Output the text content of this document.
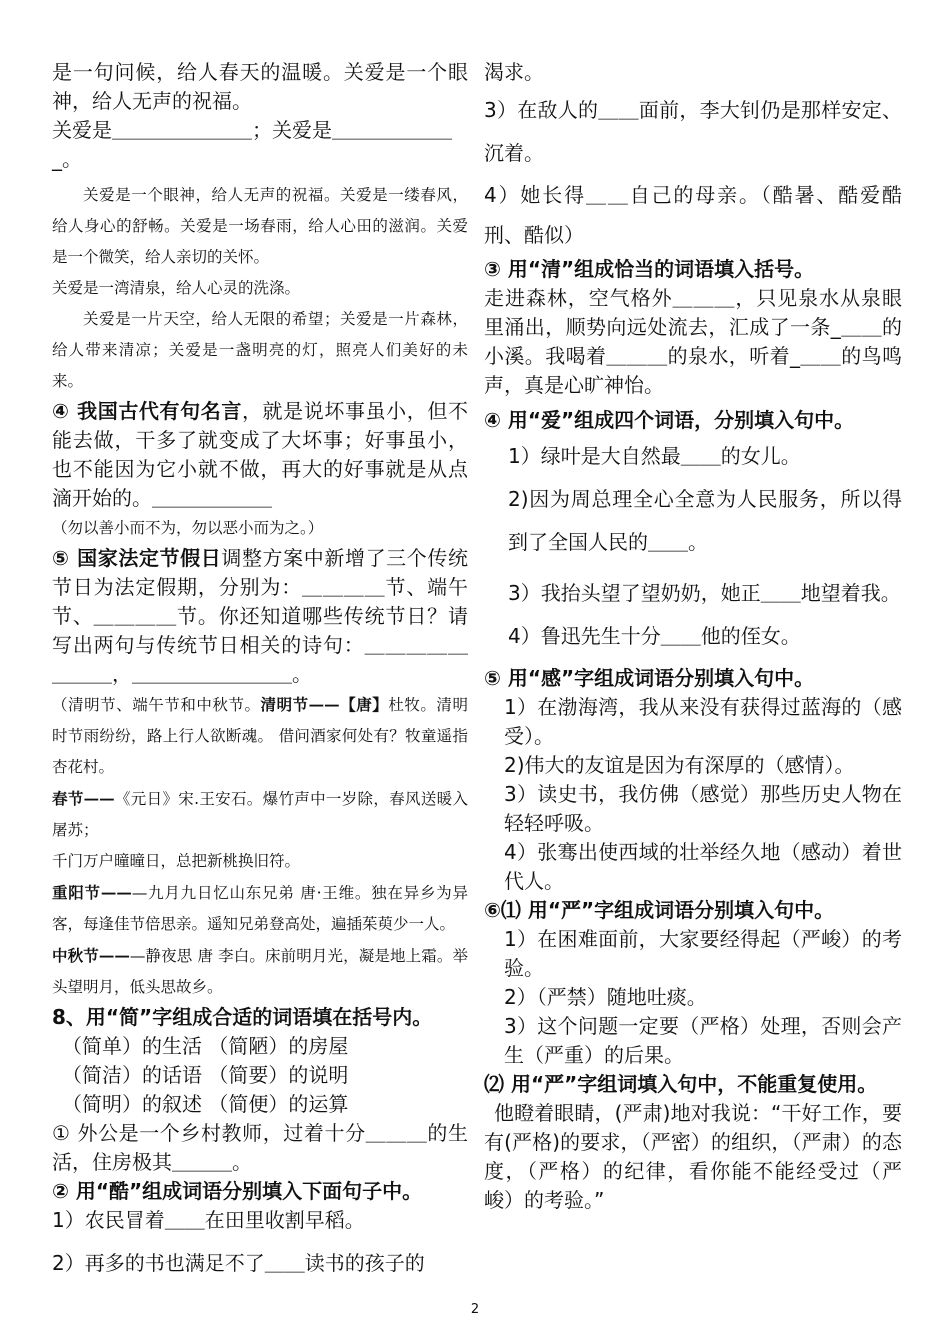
是一句问候，给人春天的温暖。关爱是一个眼神，给人无声的祝福。

关爱是＿＿＿＿＿＿＿；关爱是＿＿＿＿＿＿_。

关爱是一个眼神，给人无声的祝福。关爱是一缕春风，给人身心的舒畅。关爱是一场春雨，给人心田的滋润。关爱是一个微笑，给人亲切的关怀。

关爱是一湾清泉，给人心灵的洗涤。

关爱是一片天空，给人无限的希望；关爱是一片森林，给人带来清凉；关爱是一盏明亮的灯，照亮人们美好的未来。

④ 我国古代有句名言，就是说坏事虽小，但不能去做，干多了就变成了大坏事；好事虽小，也不能因为它小就不做，再大的好事就是从点滴开始的。＿＿＿＿＿＿

（勿以善小而不为，勿以恶小而为之。）

⑤ 国家法定节假日调整方案中新增了三个传统节日为法定假期，分别为：＿＿＿＿节、端午节、＿＿＿＿节。你还知道哪些传统节日？请写出两句与传统节日相关的诗句：＿＿＿＿＿＿＿＿，＿＿＿＿＿＿＿＿。

（清明节、端午节和中秋节。清明节——【唐】杜牧。清明时节雨纷纷，路上行人欲断魂。 借问酒家何处有？牧童遥指杏花村。

春节——《元日》宋.王安石。爆竹声中一岁除，春风送暖入屠苏；

千门万户曈曈日，总把新桃换旧符。

重阳节———九月九日忆山东兄弟 唐·王维。独在异乡为异客，每逢佳节倍思亲。遥知兄弟登高处，遍插茱萸少一人。

中秋节———静夜思 唐 李白。床前明月光，凝是地上霜。举头望明月，低头思故乡。

8、用“简”字组成合适的词语填在括号内。

（简单）的生活 （简陋）的房屋

（简洁）的话语 （简要）的说明

（简明）的叙述 （简便）的运算

① 外公是一个乡村教师，过着十分＿＿＿的生活，住房极其＿＿＿。

② 用“酷”组成词语分别填入下面句子中。

1）农民冒着＿＿在田里收割早稻。

2）再多的书也满足不了＿＿读书的孩子的

渴求。

3）在敌人的＿＿面前，李大钊仍是那样安定、沉着。

4）她长得＿＿自己的母亲。（酷暑、酷爱酷刑、酷似）

③ 用“清”组成恰当的词语填入括号。

走进森林，空气格外＿＿＿，只见泉水从泉眼里涌出，顺势向远处流去，汇成了一条_＿＿的小溪。我喝着＿＿＿的泉水，听着_＿＿的鸟鸣声，真是心旷神怡。

④ 用“爱”组成四个词语，分别填入句中。

1）绿叶是大自然最＿＿的女儿。

2)因为周总理全心全意为人民服务，所以得到了全国人民的＿＿。

3）我抬头望了望奶奶，她正＿＿地望着我。

4）鲁迅先生十分＿＿他的侄女。

⑤ 用“感”字组成词语分别填入句中。

1）在渤海湾，我从来没有获得过蓝海的（感受）。

2)伟大的友谊是因为有深厚的（感情）。

3）读史书，我仿佛（感觉）那些历史人物在轻轻呼吸。

4）张骞出使西域的壮举经久地（感动）着世代人。

⑥⑴ 用“严”字组成词语分别填入句中。

1）在困难面前，大家要经得起（严峻）的考验。

2）（严禁）随地吐痰。

3）这个问题一定要（严格）处理，否则会产生（严重）的后果。

⑵ 用“严”字组词填入句中，不能重复使用。

他瞪着眼睛，(严肃)地对我说：“干好工作，要有(严格)的要求，（严密）的组织，（严肃）的态度，（严格）的纪律，看你能不能经受过（严峻）的考验。”

2
